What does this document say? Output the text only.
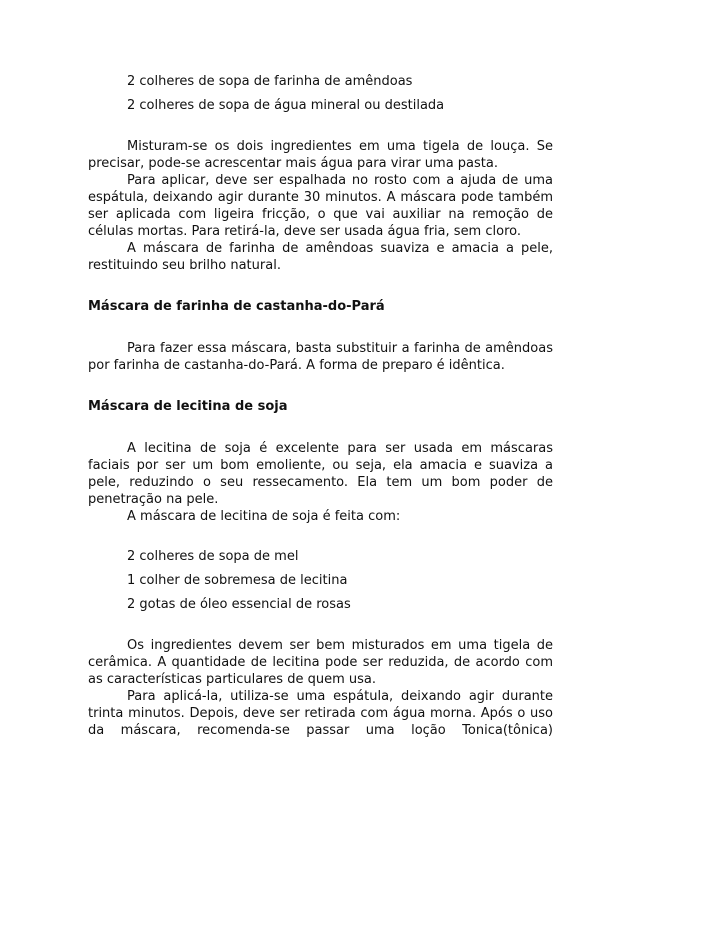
2 colheres de sopa de farinha de amêndoas
2 colheres de sopa de água mineral ou destilada

Misturam-se os dois ingredientes em uma tigela de louça. Se precisar, pode-se acrescentar mais água para virar uma pasta.

Para aplicar, deve ser espalhada no rosto com a ajuda de uma espátula, deixando agir durante 30 minutos. A máscara pode também ser aplicada com ligeira fricção, o que vai auxiliar na remoção de células mortas. Para retirá-la, deve ser usada água fria, sem cloro.

A máscara de farinha de amêndoas suaviza e amacia a pele, restituindo seu brilho natural.

Máscara de farinha de castanha-do-Pará

Para fazer essa máscara, basta substituir a farinha de amêndoas por farinha de castanha-do-Pará. A forma de preparo é idêntica.

Máscara de lecitina de soja

A lecitina de soja é excelente para ser usada em máscaras faciais por ser um bom emoliente, ou seja, ela amacia e suaviza a pele, reduzindo o seu ressecamento. Ela tem um bom poder de penetração na pele.

A máscara de lecitina de soja é feita com:

2 colheres de sopa de mel
1 colher de sobremesa de lecitina
2 gotas de óleo essencial de rosas

Os ingredientes devem ser bem misturados em uma tigela de cerâmica. A quantidade de lecitina pode ser reduzida, de acordo com as características particulares de quem usa.

Para aplicá-la, utiliza-se uma espátula, deixando agir durante trinta minutos. Depois, deve ser retirada com água morna. Após o uso da máscara, recomenda-se passar uma loção Tonica(tônica)
